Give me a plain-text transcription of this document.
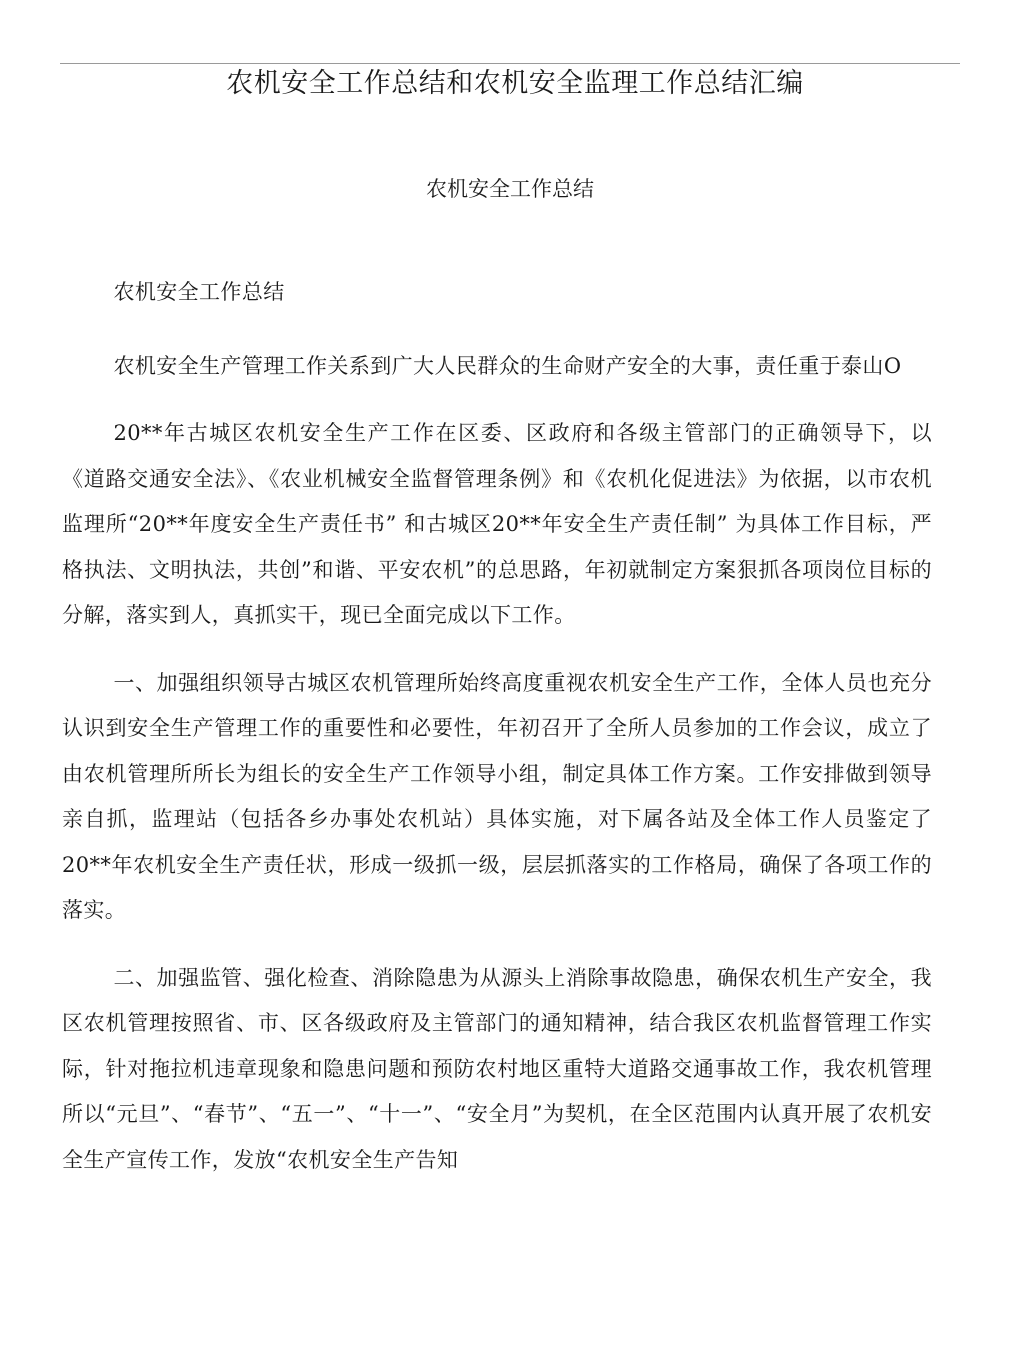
农机安全工作总结和农机安全监理工作总结汇编
农机安全工作总结

农机安全工作总结

农机安全生产管理工作关系到广大人民群众的生命财产安全的大事，责任重于泰山O

20**年古城区农机安全生产工作在区委、区政府和各级主管部门的正确领导下，以《道路交通安全法》、《农业机械安全监督管理条例》和《农机化促进法》为依据，以市农机监理所“20**年度安全生产责任书” 和古城区20**年安全生产责任制” 为具体工作目标，严格执法、文明执法，共创”和谐、平安农机”的总思路，年初就制定方案狠抓各项岗位目标的分解，落实到人，真抓实干，现已全面完成以下工作。

一、加强组织领导古城区农机管理所始终高度重视农机安全生产工作，全体人员也充分认识到安全生产管理工作的重要性和必要性，年初召开了全所人员参加的工作会议，成立了由农机管理所所长为组长的安全生产工作领导小组，制定具体工作方案。工作安排做到领导亲自抓，监理站（包括各乡办事处农机站）具体实施，对下属各站及全体工作人员鉴定了 20**年农机安全生产责任状，形成一级抓一级，层层抓落实的工作格局，确保了各项工作的落实。

二、加强监管、强化检查、消除隐患为从源头上消除事故隐患，确保农机生产安全，我区农机管理按照省、市、区各级政府及主管部门的通知精神，结合我区农机监督管理工作实际，针对拖拉机违章现象和隐患问题和预防农村地区重特大道路交通事故工作，我农机管理所以“元旦”、“春节”、“五一”、“十一”、“安全月”为契机，在全区范围内认真开展了农机安全生产宣传工作，发放“农机安全生产告知
